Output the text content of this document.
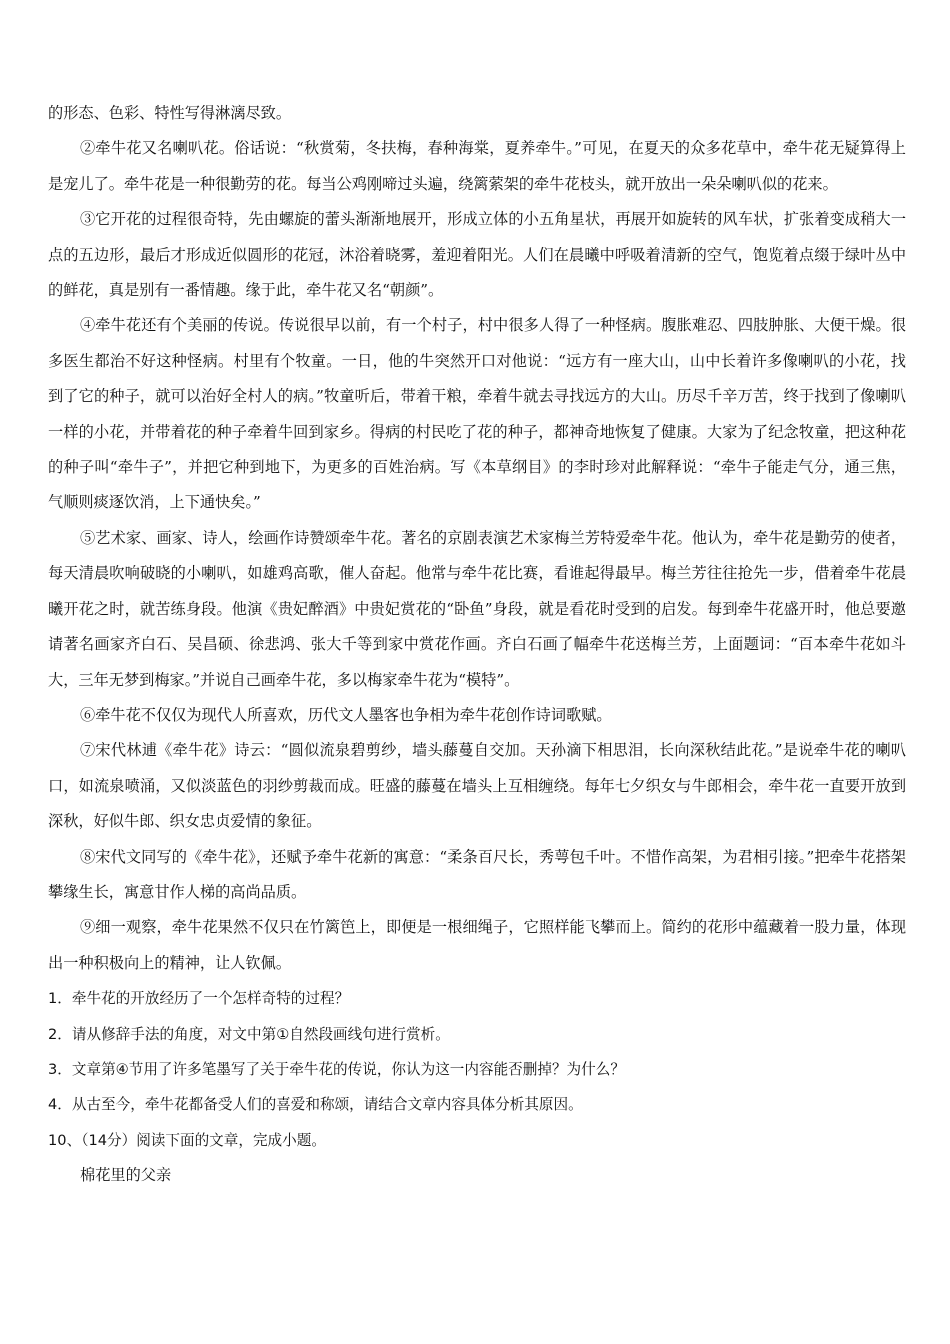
的形态、色彩、特性写得淋漓尽致。

②牵牛花又名喇叭花。俗话说：“秋赏菊，冬扶梅，春种海棠，夏养牵牛。”可见，在夏天的众多花草中，牵牛花无疑算得上是宠儿了。牵牛花是一种很勤劳的花。每当公鸡刚啼过头遍，绕篱萦架的牵牛花枝头，就开放出一朵朵喇叭似的花来。

③它开花的过程很奇特，先由螺旋的蕾头渐渐地展开，形成立体的小五角星状，再展开如旋转的风车状，扩张着变成稍大一点的五边形，最后才形成近似圆形的花冠，沐浴着晓雾，羞迎着阳光。人们在晨曦中呼吸着清新的空气，饱览着点缀于绿叶丛中的鲜花，真是别有一番情趣。缘于此，牵牛花又名“朝颜”。

④牵牛花还有个美丽的传说。传说很早以前，有一个村子，村中很多人得了一种怪病。腹胀难忍、四肢肿胀、大便干燥。很多医生都治不好这种怪病。村里有个牧童。一日，他的牛突然开口对他说：“远方有一座大山，山中长着许多像喇叭的小花，找到了它的种子，就可以治好全村人的病。”牧童听后，带着干粮，牵着牛就去寻找远方的大山。历尽千辛万苦，终于找到了像喇叭一样的小花，并带着花的种子牵着牛回到家乡。得病的村民吃了花的种子，都神奇地恢复了健康。大家为了纪念牧童，把这种花的种子叫“牵牛子”，并把它种到地下，为更多的百姓治病。写《本草纲目》的李时珍对此解释说：“牵牛子能走气分，通三焦，气顺则痰逐饮消，上下通快矣。”

⑤艺术家、画家、诗人，绘画作诗赞颂牵牛花。著名的京剧表演艺术家梅兰芳特爱牵牛花。他认为，牵牛花是勤劳的使者，每天清晨吹响破晓的小喇叭，如雄鸡高歌，催人奋起。他常与牵牛花比赛，看谁起得最早。梅兰芳往往抢先一步，借着牵牛花晨曦开花之时，就苦练身段。他演《贵妃醉酒》中贵妃赏花的“卧鱼”身段，就是看花时受到的启发。每到牵牛花盛开时，他总要邀请著名画家齐白石、吴昌硕、徐悲鸿、张大千等到家中赏花作画。齐白石画了幅牵牛花送梅兰芳，上面题词：“百本牵牛花如斗大，三年无梦到梅家。”并说自己画牵牛花，多以梅家牵牛花为“模特”。

⑥牵牛花不仅仅为现代人所喜欢，历代文人墨客也争相为牵牛花创作诗词歌赋。

⑦宋代林逋《牵牛花》诗云：“圆似流泉碧剪纱，墙头藤蔓自交加。天孙滴下相思泪，长向深秋结此花。”是说牵牛花的喇叭口，如流泉喷涌，又似淡蓝色的羽纱剪裁而成。旺盛的藤蔓在墙头上互相缠绕。每年七夕织女与牛郎相会，牵牛花一直要开放到深秋，好似牛郎、织女忠贞爱情的象征。

⑧宋代文同写的《牵牛花》，还赋予牵牛花新的寓意：“柔条百尺长，秀萼包千叶。不惜作高架，为君相引接。”把牵牛花搭架攀缘生长，寓意甘作人梯的高尚品质。

⑨细一观察，牵牛花果然不仅只在竹篱笆上，即便是一根细绳子，它照样能飞攀而上。简约的花形中蕴藏着一股力量，体现出一种积极向上的精神，让人钦佩。

1．牵牛花的开放经历了一个怎样奇特的过程？

2．请从修辞手法的角度，对文中第①自然段画线句进行赏析。

3．文章第④节用了许多笔墨写了关于牵牛花的传说，你认为这一内容能否删掉？为什么？

4．从古至今，牵牛花都备受人们的喜爱和称颂，请结合文章内容具体分析其原因。

10、（14分）阅读下面的文章，完成小题。

棉花里的父亲
